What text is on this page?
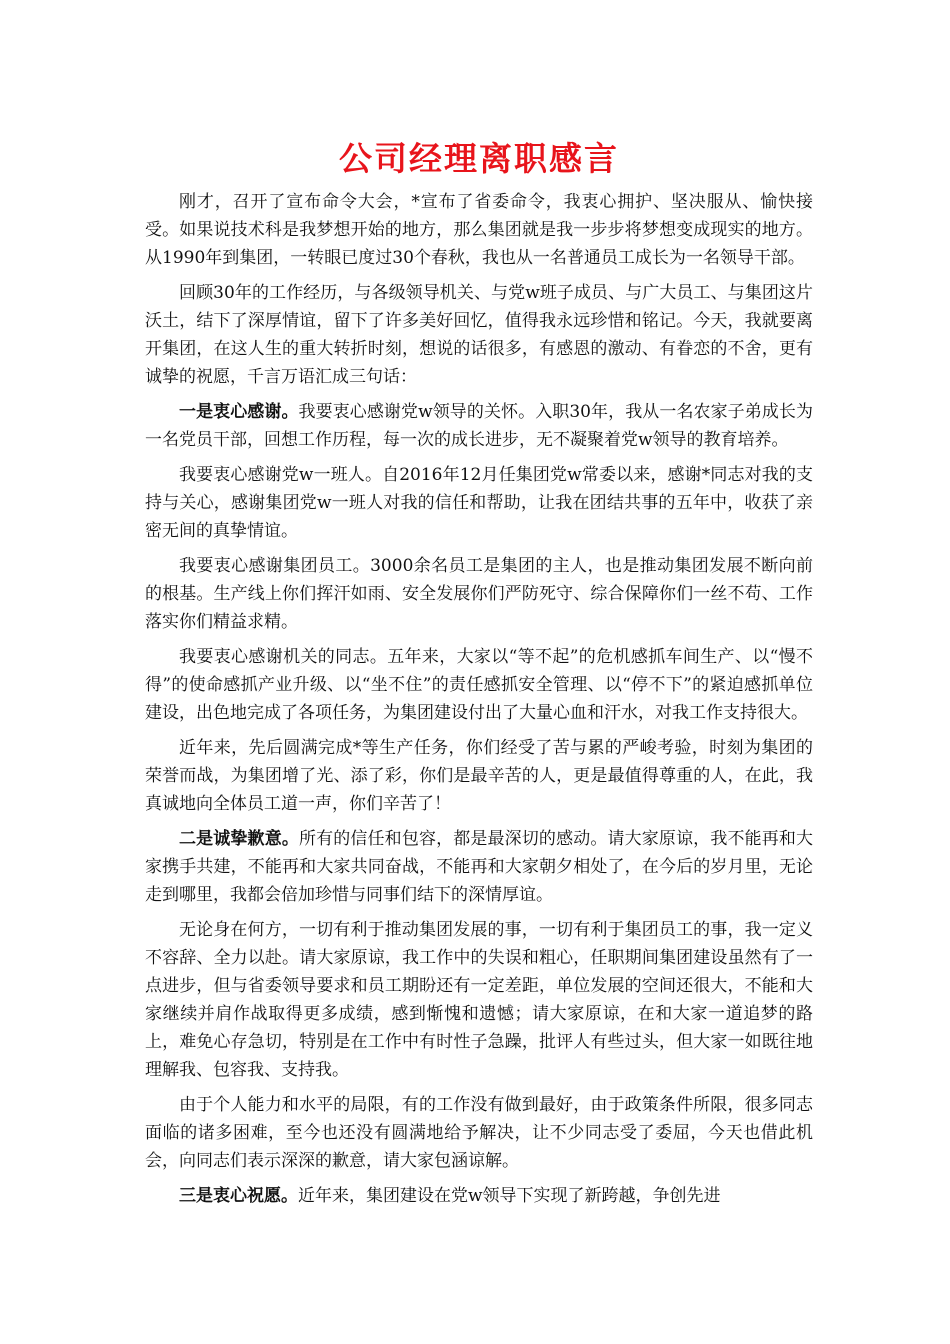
公司经理离职感言

刚才，召开了宣布命令大会，*宣布了省委命令，我衷心拥护、坚决服从、愉快接受。如果说技术科是我梦想开始的地方，那么集团就是我一步步将梦想变成现实的地方。从1990年到集团，一转眼已度过30个春秋，我也从一名普通员工成长为一名领导干部。

回顾30年的工作经历，与各级领导机关、与党w班子成员、与广大员工、与集团这片沃土，结下了深厚情谊，留下了许多美好回忆，值得我永远珍惜和铭记。今天，我就要离开集团，在这人生的重大转折时刻，想说的话很多，有感恩的激动、有眷恋的不舍，更有诚挚的祝愿，千言万语汇成三句话：

一是衷心感谢。我要衷心感谢党w领导的关怀。入职30年，我从一名农家子弟成长为一名党员干部，回想工作历程，每一次的成长进步，无不凝聚着党w领导的教育培养。

我要衷心感谢党w一班人。自2016年12月任集团党w常委以来，感谢*同志对我的支持与关心，感谢集团党w一班人对我的信任和帮助，让我在团结共事的五年中，收获了亲密无间的真挚情谊。

我要衷心感谢集团员工。3000余名员工是集团的主人，也是推动集团发展不断向前的根基。生产线上你们挥汗如雨、安全发展你们严防死守、综合保障你们一丝不苟、工作落实你们精益求精。

我要衷心感谢机关的同志。五年来，大家以“等不起”的危机感抓车间生产、以“慢不得”的使命感抓产业升级、以“坐不住”的责任感抓安全管理、以“停不下”的紧迫感抓单位建设，出色地完成了各项任务，为集团建设付出了大量心血和汗水，对我工作支持很大。

近年来，先后圆满完成*等生产任务，你们经受了苦与累的严峻考验，时刻为集团的荣誉而战，为集团增了光、添了彩，你们是最辛苦的人，更是最值得尊重的人，在此，我真诚地向全体员工道一声，你们辛苦了！

二是诚挚歉意。所有的信任和包容，都是最深切的感动。请大家原谅，我不能再和大家携手共建，不能再和大家共同奋战，不能再和大家朝夕相处了，在今后的岁月里，无论走到哪里，我都会倍加珍惜与同事们结下的深情厚谊。

无论身在何方，一切有利于推动集团发展的事，一切有利于集团员工的事，我一定义不容辞、全力以赴。请大家原谅，我工作中的失误和粗心，任职期间集团建设虽然有了一点进步，但与省委领导要求和员工期盼还有一定差距，单位发展的空间还很大，不能和大家继续并肩作战取得更多成绩，感到惭愧和遗憾；请大家原谅，在和大家一道追梦的路上，难免心存急切，特别是在工作中有时性子急躁，批评人有些过头，但大家一如既往地理解我、包容我、支持我。

由于个人能力和水平的局限，有的工作没有做到最好，由于政策条件所限，很多同志面临的诸多困难，至今也还没有圆满地给予解决，让不少同志受了委屈，今天也借此机会，向同志们表示深深的歉意，请大家包涵谅解。

三是衷心祝愿。近年来，集团建设在党w领导下实现了新跨越，争创先进
